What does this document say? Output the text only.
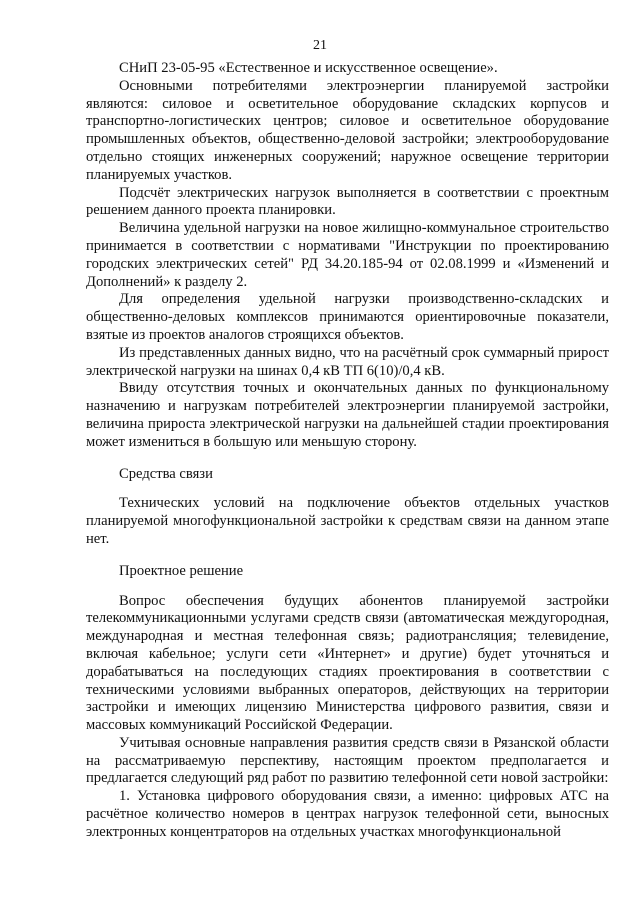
21

СНиП 23-05-95 «Естественное и искусственное освещение».

Основными потребителями электроэнергии планируемой застройки являются: силовое и осветительное оборудование складских корпусов и транспортно-логистических центров; силовое и осветительное оборудование промышленных объектов, общественно-деловой застройки; электрооборудование отдельно стоящих инженерных сооружений; наружное освещение территории планируемых участков.

Подсчёт электрических нагрузок выполняется в соответствии с проектным решением данного проекта планировки.

Величина удельной нагрузки на новое жилищно-коммунальное строительство принимается в соответствии с нормативами "Инструкции по проектированию городских электрических сетей" РД 34.20.185-94 от 02.08.1999 и «Изменений и Дополнений» к разделу 2.

Для определения удельной нагрузки производственно-складских и общественно-деловых комплексов принимаются ориентировочные показатели, взятые из проектов аналогов строящихся объектов.

Из представленных данных видно, что на расчётный срок суммарный прирост электрической нагрузки на шинах 0,4 кВ ТП 6(10)/0,4 кВ.

Ввиду отсутствия точных и окончательных данных по функциональному назначению и нагрузкам потребителей электроэнергии планируемой застройки, величина прироста электрической нагрузки на дальнейшей стадии проектирования может измениться в большую или меньшую сторону.

Средства связи

Технических условий на подключение объектов отдельных участков планируемой многофункциональной застройки к средствам связи на данном этапе нет.

Проектное решение

Вопрос обеспечения будущих абонентов планируемой застройки телекоммуникационными услугами средств связи (автоматическая междугородная, международная и местная телефонная связь; радиотрансляция; телевидение, включая кабельное; услуги сети «Интернет» и другие) будет уточняться и дорабатываться на последующих стадиях проектирования в соответствии с техническими условиями выбранных операторов, действующих на территории застройки и имеющих лицензию Министерства цифрового развития, связи и массовых коммуникаций Российской Федерации.

Учитывая основные направления развития средств связи в Рязанской области на рассматриваемую перспективу, настоящим проектом предполагается и предлагается следующий ряд работ по развитию телефонной сети новой застройки:

1. Установка цифрового оборудования связи, а именно: цифровых АТС на расчётное количество номеров в центрах нагрузок телефонной сети, выносных электронных концентраторов на отдельных участках многофункциональной
